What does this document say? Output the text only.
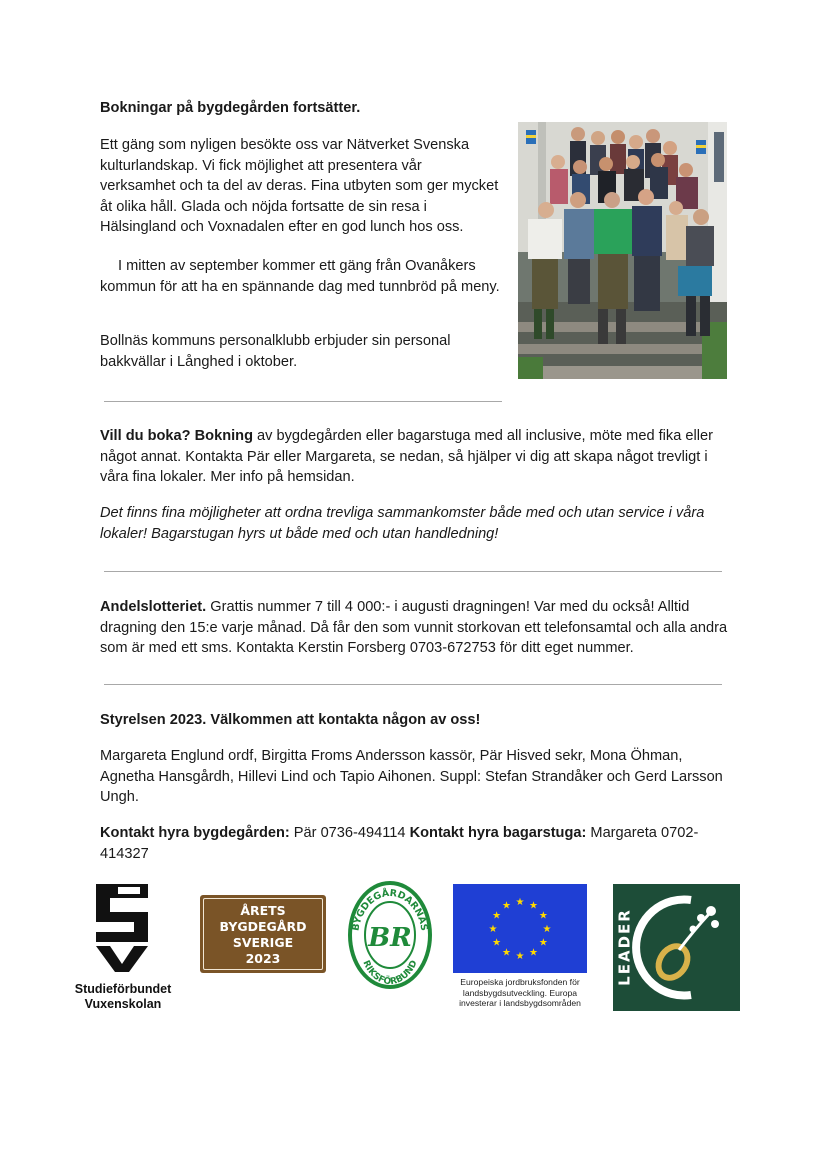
Bokningar på bygdegården fortsätter.

Ett gäng som nyligen besökte oss var Nätverket Svenska kulturlandskap. Vi fick möjlighet att presentera vår verksamhet och ta del av deras. Fina utbyten som ger mycket åt olika håll. Glada och nöjda fortsatte de sin resa i Hälsingland och Voxnadalen efter en god lunch hos oss.

I mitten av september kommer ett gäng från Ovanåkers kommun för att ha en spännande dag med tunnbröd på meny.

Bollnäs kommuns personalklubb erbjuder sin personal bakkvällar i Långhed i oktober.

Vill du boka? Bokning av bygdegården eller bagarstuga med all inclusive, möte med fika eller något annat. Kontakta Pär eller Margareta, se nedan, så hjälper vi dig att skapa något trevligt i våra fina lokaler. Mer info på hemsidan.

Det finns fina möjligheter att ordna trevliga sammankomster både med och utan service i våra lokaler! Bagarstugan hyrs ut både med och utan handledning!

Andelslotteriet. Grattis nummer 7 till 4 000:- i augusti dragningen! Var med du också! Alltid dragning den 15:e varje månad. Då får den som vunnit storkovan ett telefonsamtal och alla andra som är med ett sms. Kontakta Kerstin Forsberg 0703-672753 för ditt eget nummer.

Styrelsen 2023. Välkommen att kontakta någon av oss!

Margareta Englund ordf, Birgitta Froms Andersson kassör, Pär Hisved sekr, Mona Öhman, Agnetha Hansgårdh, Hillevi Lind och Tapio Aihonen. Suppl: Stefan Strandåker och Gerd Larsson Ungh.

Kontakt hyra bygdegården: Pär 0736-494114 Kontakt hyra bagarstuga: Margareta 0702-414327

Studieförbundet
Vuxenskolan
ÅRETS
BYGDEGÅRD
SVERIGE
2023
BYGDEGÅRDARNAS
RIKSFÖRBUND
BR
★ ★
★
★
★
★
★
★
★
★
★
★
Europeiska jordbruksfonden för landsbygdsutveckling. Europa investerar i landsbygdsområden
LEADER
